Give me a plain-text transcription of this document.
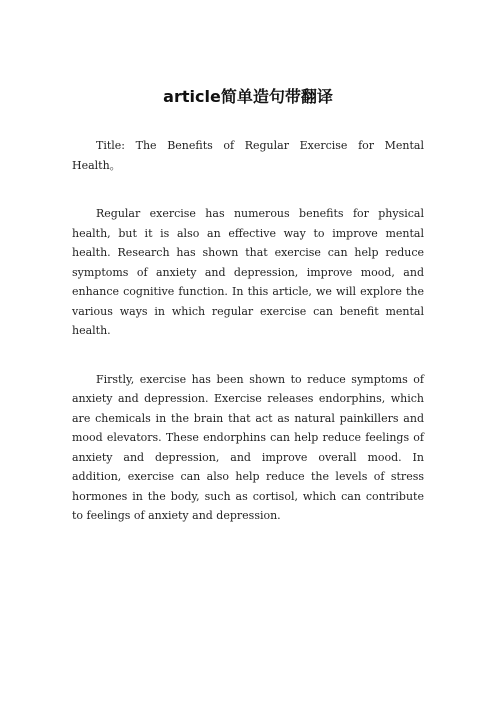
article简单造句带翻译

Title: The Benefits of Regular Exercise for Mental Health。

Regular exercise has numerous benefits for physical health, but it is also an effective way to improve mental health. Research has shown that exercise can help reduce symptoms of anxiety and depression, improve mood, and enhance cognitive function. In this article, we will explore the various ways in which regular exercise can benefit mental health.

Firstly, exercise has been shown to reduce symptoms of anxiety and depression. Exercise releases endorphins, which are chemicals in the brain that act as natural painkillers and mood elevators. These endorphins can help reduce feelings of anxiety and depression, and improve overall mood. In addition, exercise can also help reduce the levels of stress hormones in the body, such as cortisol, which can contribute to feelings of anxiety and depression.
